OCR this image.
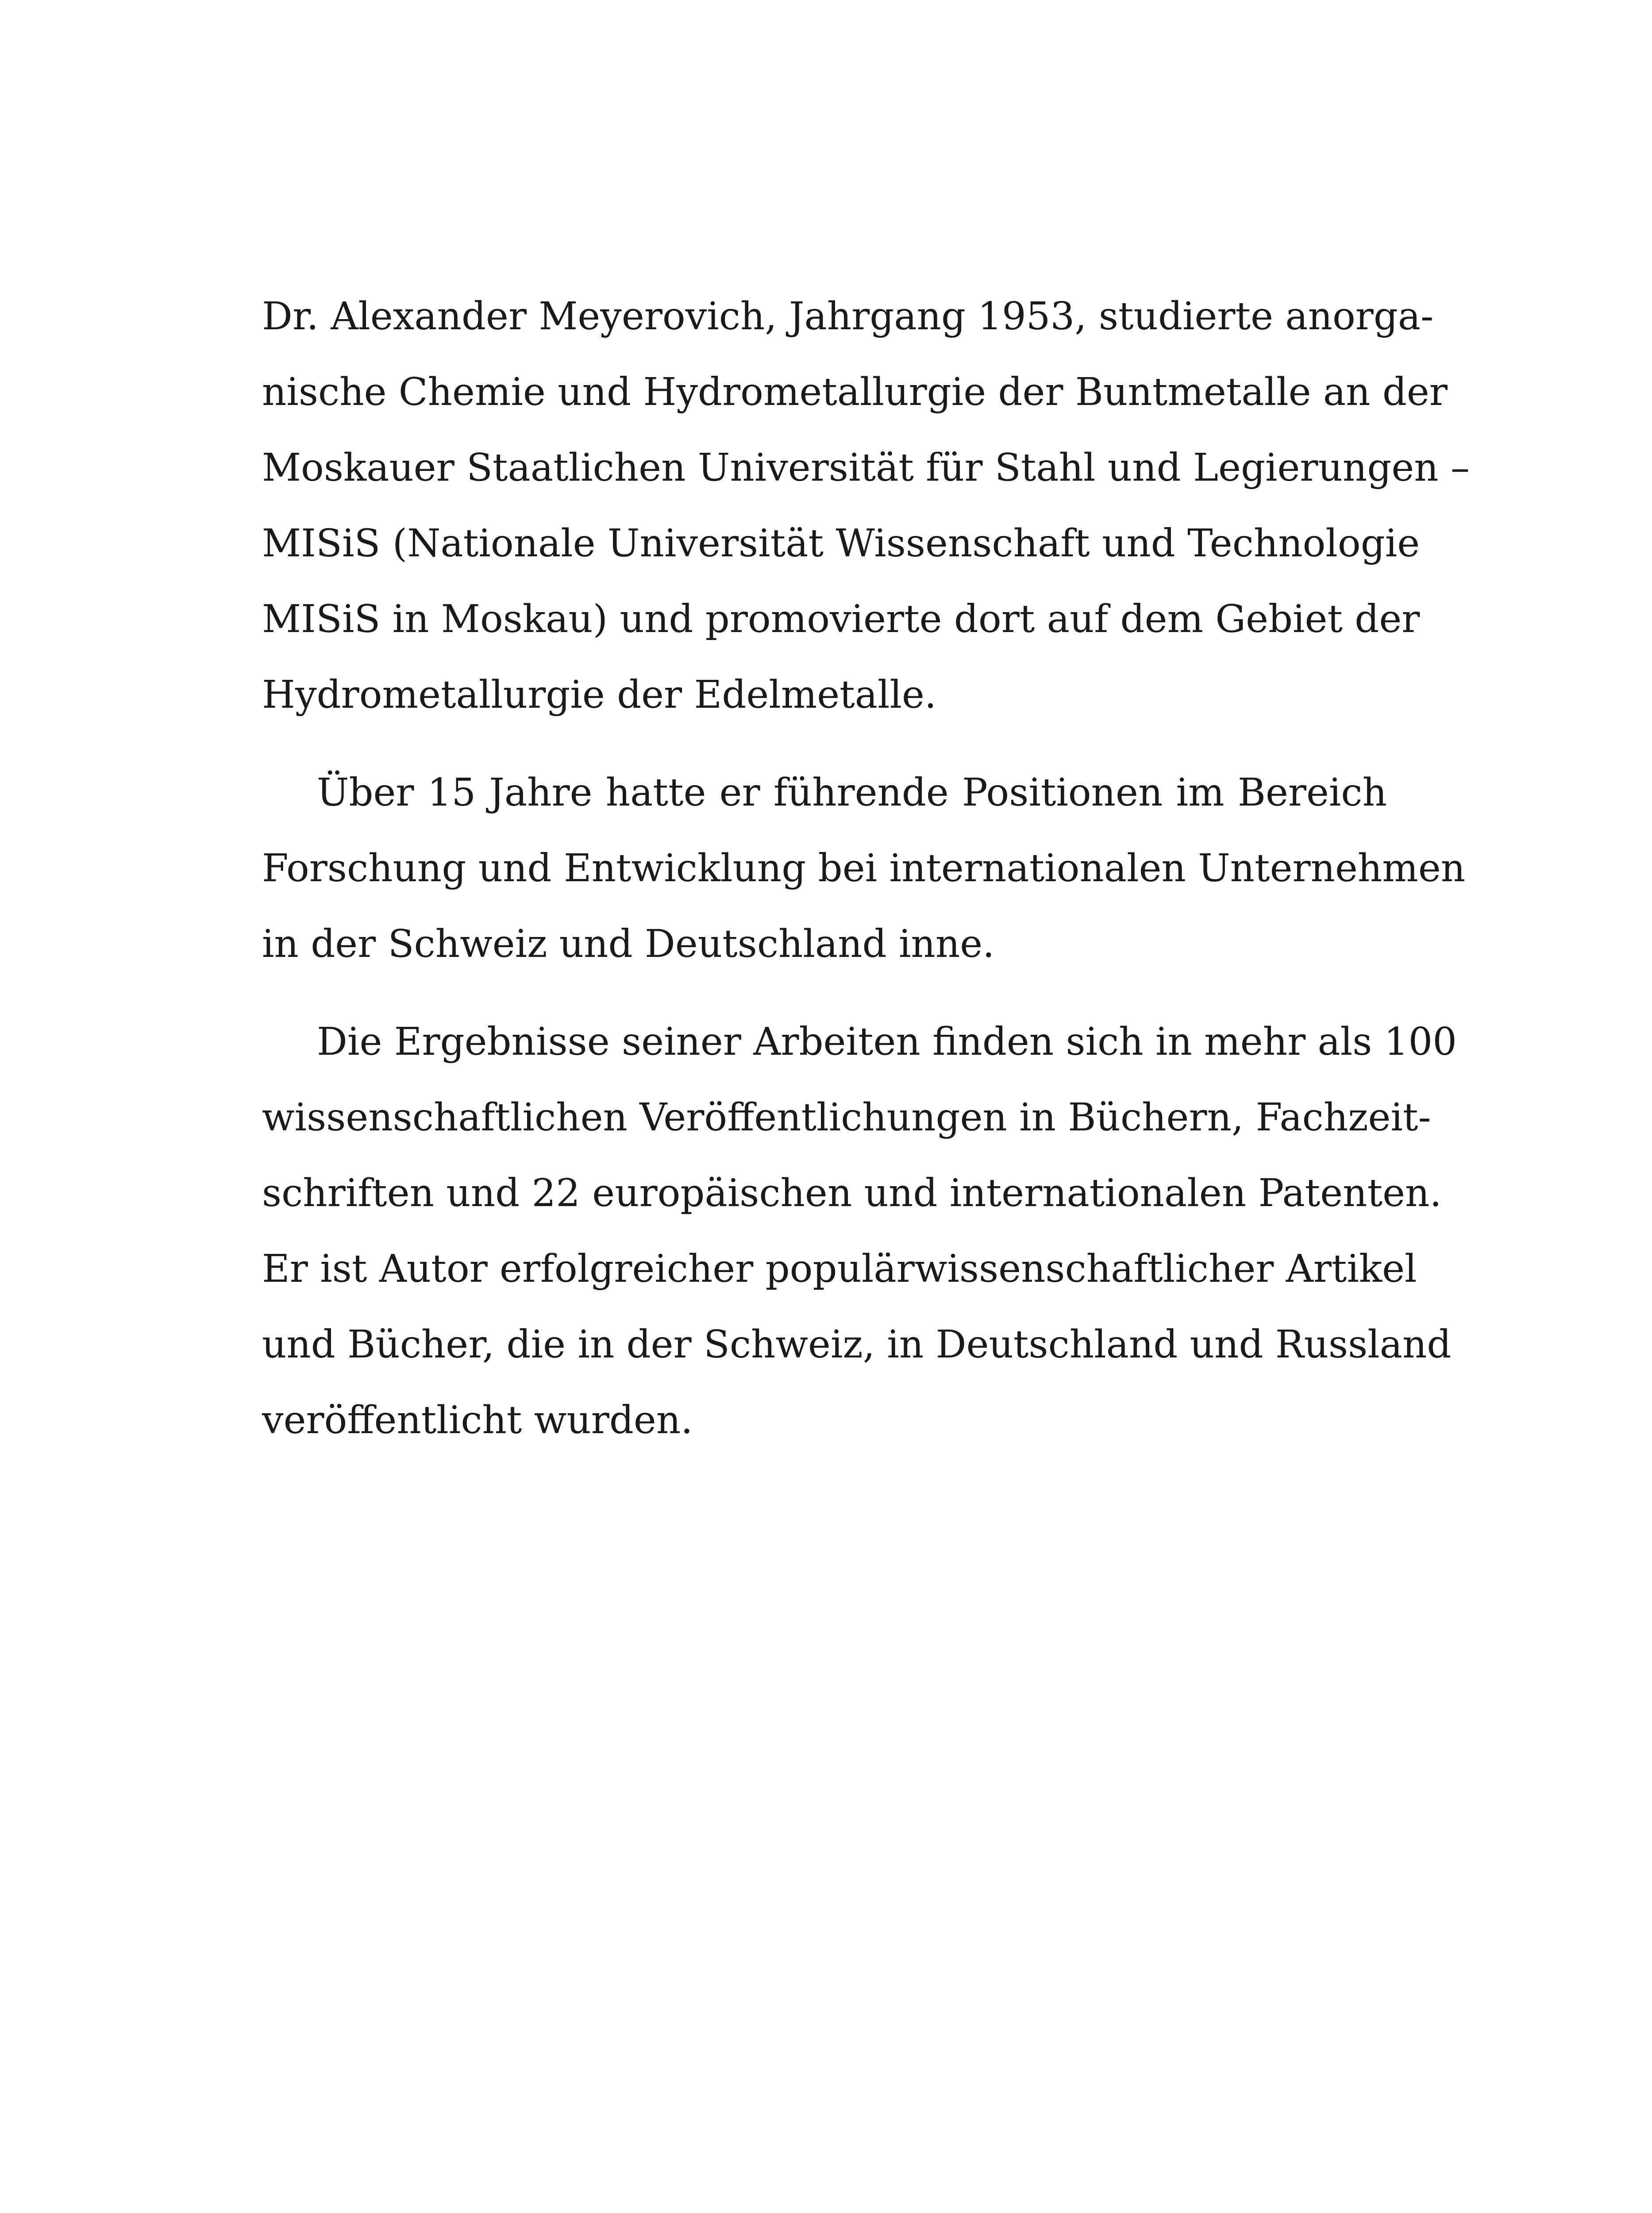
Dr. Alexander Meyerovich, Jahrgang 1953, studierte anorga-
nische Chemie und Hydrometallurgie der Buntmetalle an der
Moskauer Staatlichen Universität für Stahl und Legierungen –
MISiS (Nationale Universität Wissenschaft und Technologie
MISiS in Moskau) und promovierte dort auf dem Gebiet der
Hydrometallurgie der Edelmetalle.
Über 15 Jahre hatte er führende Positionen im Bereich
Forschung und Entwicklung bei internationalen Unternehmen
in der Schweiz und Deutschland inne.
Die Ergebnisse seiner Arbeiten finden sich in mehr als 100
wissenschaftlichen Veröffentlichungen in Büchern, Fachzeit-
schriften und 22 europäischen und internationalen Patenten.
Er ist Autor erfolgreicher populärwissenschaftlicher Artikel
und Bücher, die in der Schweiz, in Deutschland und Russland
veröffentlicht wurden.
